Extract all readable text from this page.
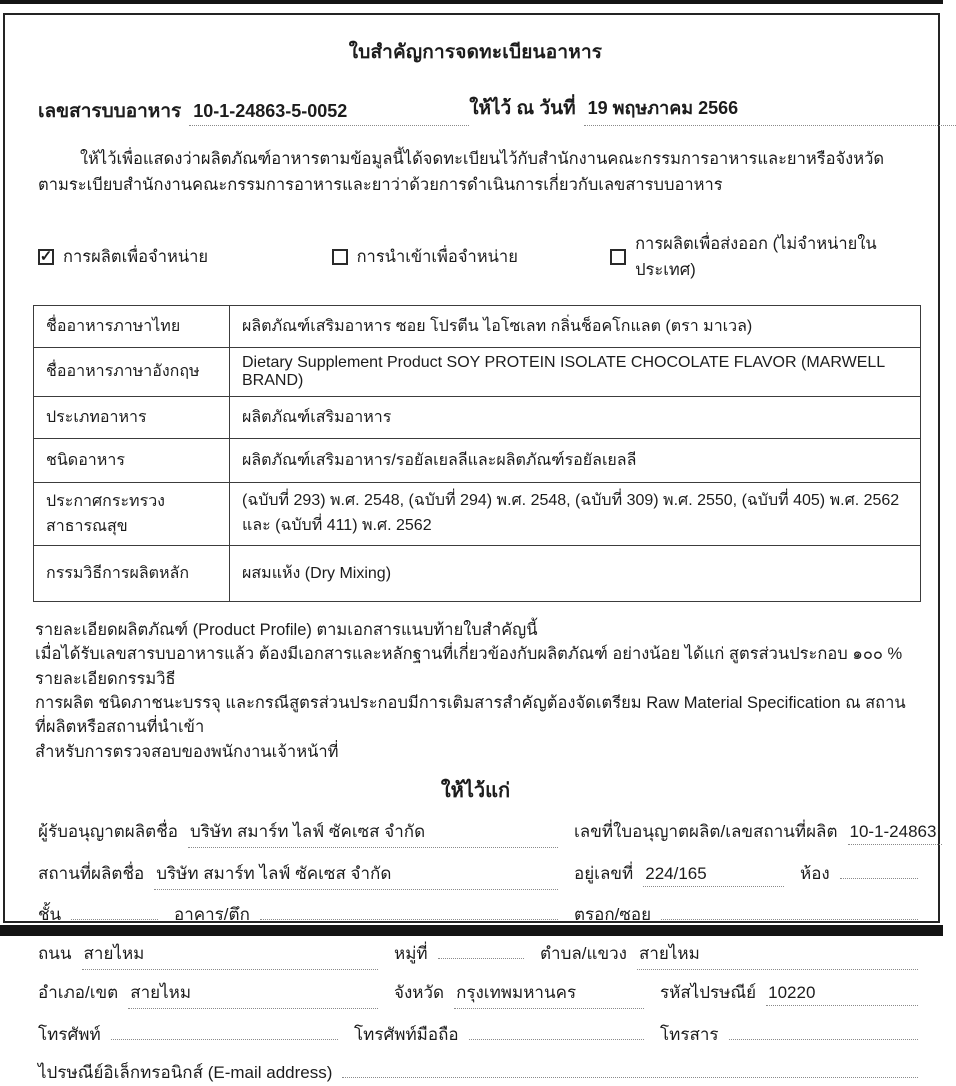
ใบสำคัญการจดทะเบียนอาหาร
เลขสารบบอาหาร 10-1-24863-5-0052	ให้ไว้ ณ วันที่ 19 พฤษภาคม 2566
ให้ไว้เพื่อแสดงว่าผลิตภัณฑ์อาหารตามข้อมูลนี้ได้จดทะเบียนไว้กับสำนักงานคณะกรรมการอาหารและยาหรือจังหวัด
ตามระเบียบสำนักงานคณะกรรมการอาหารและยาว่าด้วยการดำเนินการเกี่ยวกับเลขสารบบอาหาร
✓ การผลิตเพื่อจำหน่าย	การนำเข้าเพื่อจำหน่าย
การผลิตเพื่อส่งออก (ไม่จำหน่ายในประเทศ)
ชื่ออาหารภาษาไทย	ผลิตภัณฑ์เสริมอาหาร ซอย โปรตีน ไอโซเลท กลิ่นช็อคโกแลต (ตรา มาเวล)
ชื่ออาหารภาษาอังกฤษ	Dietary Supplement Product SOY PROTEIN ISOLATE CHOCOLATE FLAVOR (MARWELL BRAND)
ประเภทอาหาร	ผลิตภัณฑ์เสริมอาหาร
ชนิดอาหาร	ผลิตภัณฑ์เสริมอาหาร/รอยัลเยลลีและผลิตภัณฑ์รอยัลเยลลี
ประกาศกระทรวงสาธารณสุข	(ฉบับที่ 293) พ.ศ. 2548, (ฉบับที่ 294) พ.ศ. 2548, (ฉบับที่ 309) พ.ศ. 2550, (ฉบับที่ 405) พ.ศ. 2562 และ (ฉบับที่ 411) พ.ศ. 2562
กรรมวิธีการผลิตหลัก	ผสมแห้ง (Dry Mixing)
รายละเอียดผลิตภัณฑ์ (Product Profile) ตามเอกสารแนบท้ายใบสำคัญนี้
เมื่อได้รับเลขสารบบอาหารแล้ว ต้องมีเอกสารและหลักฐานที่เกี่ยวข้องกับผลิตภัณฑ์ อย่างน้อย ได้แก่ สูตรส่วนประกอบ ๑๐๐ % รายละเอียดกรรมวิธี
การผลิต ชนิดภาชนะบรรจุ และกรณีสูตรส่วนประกอบมีการเติมสารสำคัญต้องจัดเตรียม Raw Material Specification ณ สถานที่ผลิตหรือสถานที่นำเข้า
สำหรับการตรวจสอบของพนักงานเจ้าหน้าที่
ให้ไว้แก่
ผู้รับอนุญาตผลิตชื่อ บริษัท สมาร์ท ไลฟ์ ซัคเซส จำกัด	เลขที่ใบอนุญาตผลิต/เลขสถานที่ผลิต 10-1-24863
สถานที่ผลิตชื่อ บริษัท สมาร์ท ไลฟ์ ซัคเซส จำกัด	อยู่เลขที่ 224/165	ห้อง
ชั้น	อาคาร/ตึก	ตรอก/ซอย
ถนน สายไหม	หมู่ที่	ตำบล/แขวง สายไหม
อำเภอ/เขต สายไหม	จังหวัด กรุงเทพมหานคร	รหัสไปรษณีย์ 10220
โทรศัพท์	โทรศัพท์มือถือ	โทรสาร
ไปรษณีย์อิเล็กทรอนิกส์ (E-mail address)
